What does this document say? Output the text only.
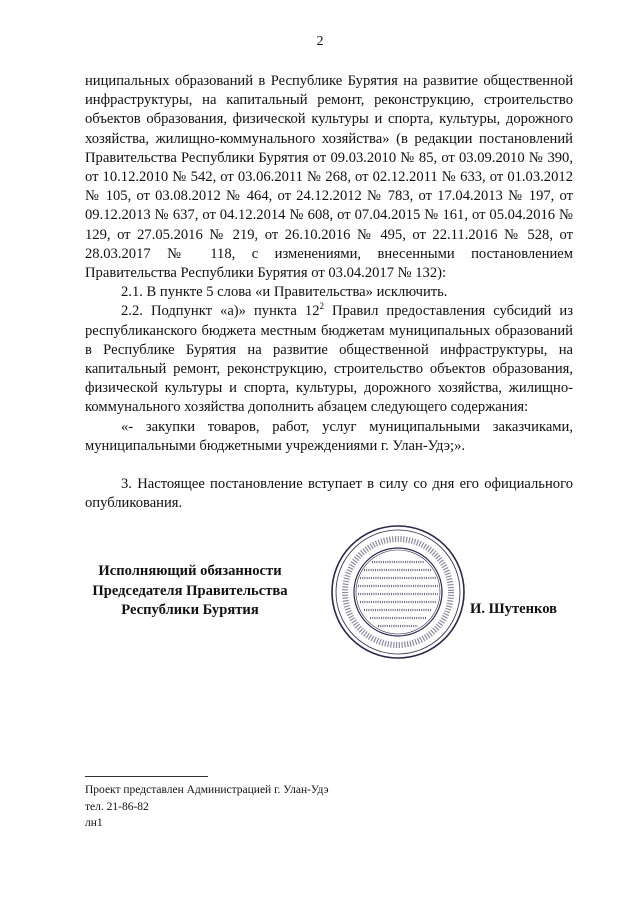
2

ниципальных образований в Республике Бурятия на развитие общественной инфраструктуры, на капитальный ремонт, реконструкцию, строительство объектов образования, физической культуры и спорта, культуры, дорожного хозяйства, жилищно-коммунального хозяйства» (в редакции постановлений Правительства Республики Бурятия от 09.03.2010 № 85, от 03.09.2010 № 390, от 10.12.2010 № 542, от 03.06.2011 № 268, от 02.12.2011 № 633, от 01.03.2012 № 105, от 03.08.2012 № 464, от 24.12.2012 № 783, от 17.04.2013 № 197, от 09.12.2013 № 637, от 04.12.2014 № 608, от 07.04.2015 № 161, от 05.04.2016 № 129, от 27.05.2016 № 219, от 26.10.2016 № 495, от 22.11.2016 № 528, от 28.03.2017 № 118, с изменениями, внесенными постановлением Правительства Республики Бурятия от 03.04.2017 № 132):

2.1. В пункте 5 слова «и Правительства» исключить.

2.2. Подпункт «а)» пункта $12^2$ Правил предоставления субсидий из республиканского бюджета местным бюджетам муниципальных образований в Республике Бурятия на развитие общественной инфраструктуры, на капитальный ремонт, реконструкцию, строительство объектов образования, физической культуры и спорта, культуры, дорожного хозяйства, жилищно-коммунального хозяйства дополнить абзацем следующего содержания:

«- закупки товаров, работ, услуг муниципальными заказчиками, муниципальными бюджетными учреждениями г. Улан-Удэ;».

3. Настоящее постановление вступает в силу со дня его официального опубликования.

Исполняющий обязанности
Председателя Правительства
Республики Бурятия	И. Шутенков
Проект представлен Администрацией г. Улан-Удэ
тел. 21-86-82
лн1
